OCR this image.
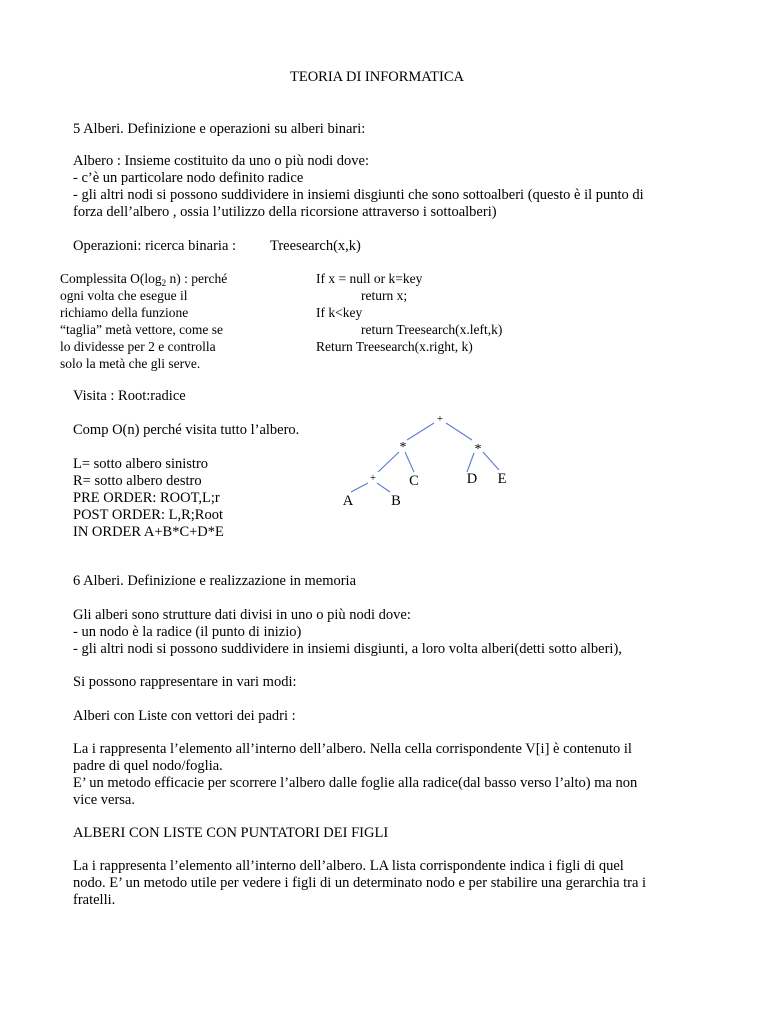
TEORIA DI INFORMATICA
5 Alberi. Definizione e operazioni su alberi binari:
Albero : Insieme costituito da uno o più nodi dove:
- c’è un particolare nodo definito radice
- gli altri nodi si possono suddividere in insiemi disgiunti che sono sottoalberi (questo è il punto di
forza dell’albero , ossia l’utilizzo della ricorsione attraverso i sottoalberi)
Operazioni: ricerca binaria : Treesearch(x,k)
Complessita $O(\log_2$ n) : perché
ogni volta che esegue il
richiamo della funzione
“taglia” metà vettore, come se
lo dividesse per 2 e controlla
solo la metà che gli serve.
If x = null or k=key
return x;
If k<key
return Treesearch(x.left,k)
Return Treesearch(x.right, k)
Visita : Root:radice
Comp O(n) perché visita tutto l’albero.
L= sotto albero sinistro
R= sotto albero destro
PRE ORDER: ROOT,L;r
POST ORDER: L,R;Root
IN ORDER A+B*C+D*E
+
*	*
+ C	D E
A	B
6 Alberi. Definizione e realizzazione in memoria
Gli alberi sono strutture dati divisi in uno o più nodi dove:
- un nodo è la radice (il punto di inizio)
- gli altri nodi si possono suddividere in insiemi disgiunti, a loro volta alberi(detti sotto alberi),
Si possono rappresentare in vari modi:
Alberi con Liste con vettori dei padri :
La i rappresenta l’elemento all’interno dell’albero. Nella cella corrispondente V[i] è contenuto il
padre di quel nodo/foglia.
E’ un metodo efficacie per scorrere l’albero dalle foglie alla radice(dal basso verso l’alto) ma non
vice versa.
ALBERI CON LISTE CON PUNTATORI DEI FIGLI
La i rappresenta l’elemento all’interno dell’albero. LA lista corrispondente indica i figli di quel
nodo. E’ un metodo utile per vedere i figli di un determinato nodo e per stabilire una gerarchia tra i
fratelli.
